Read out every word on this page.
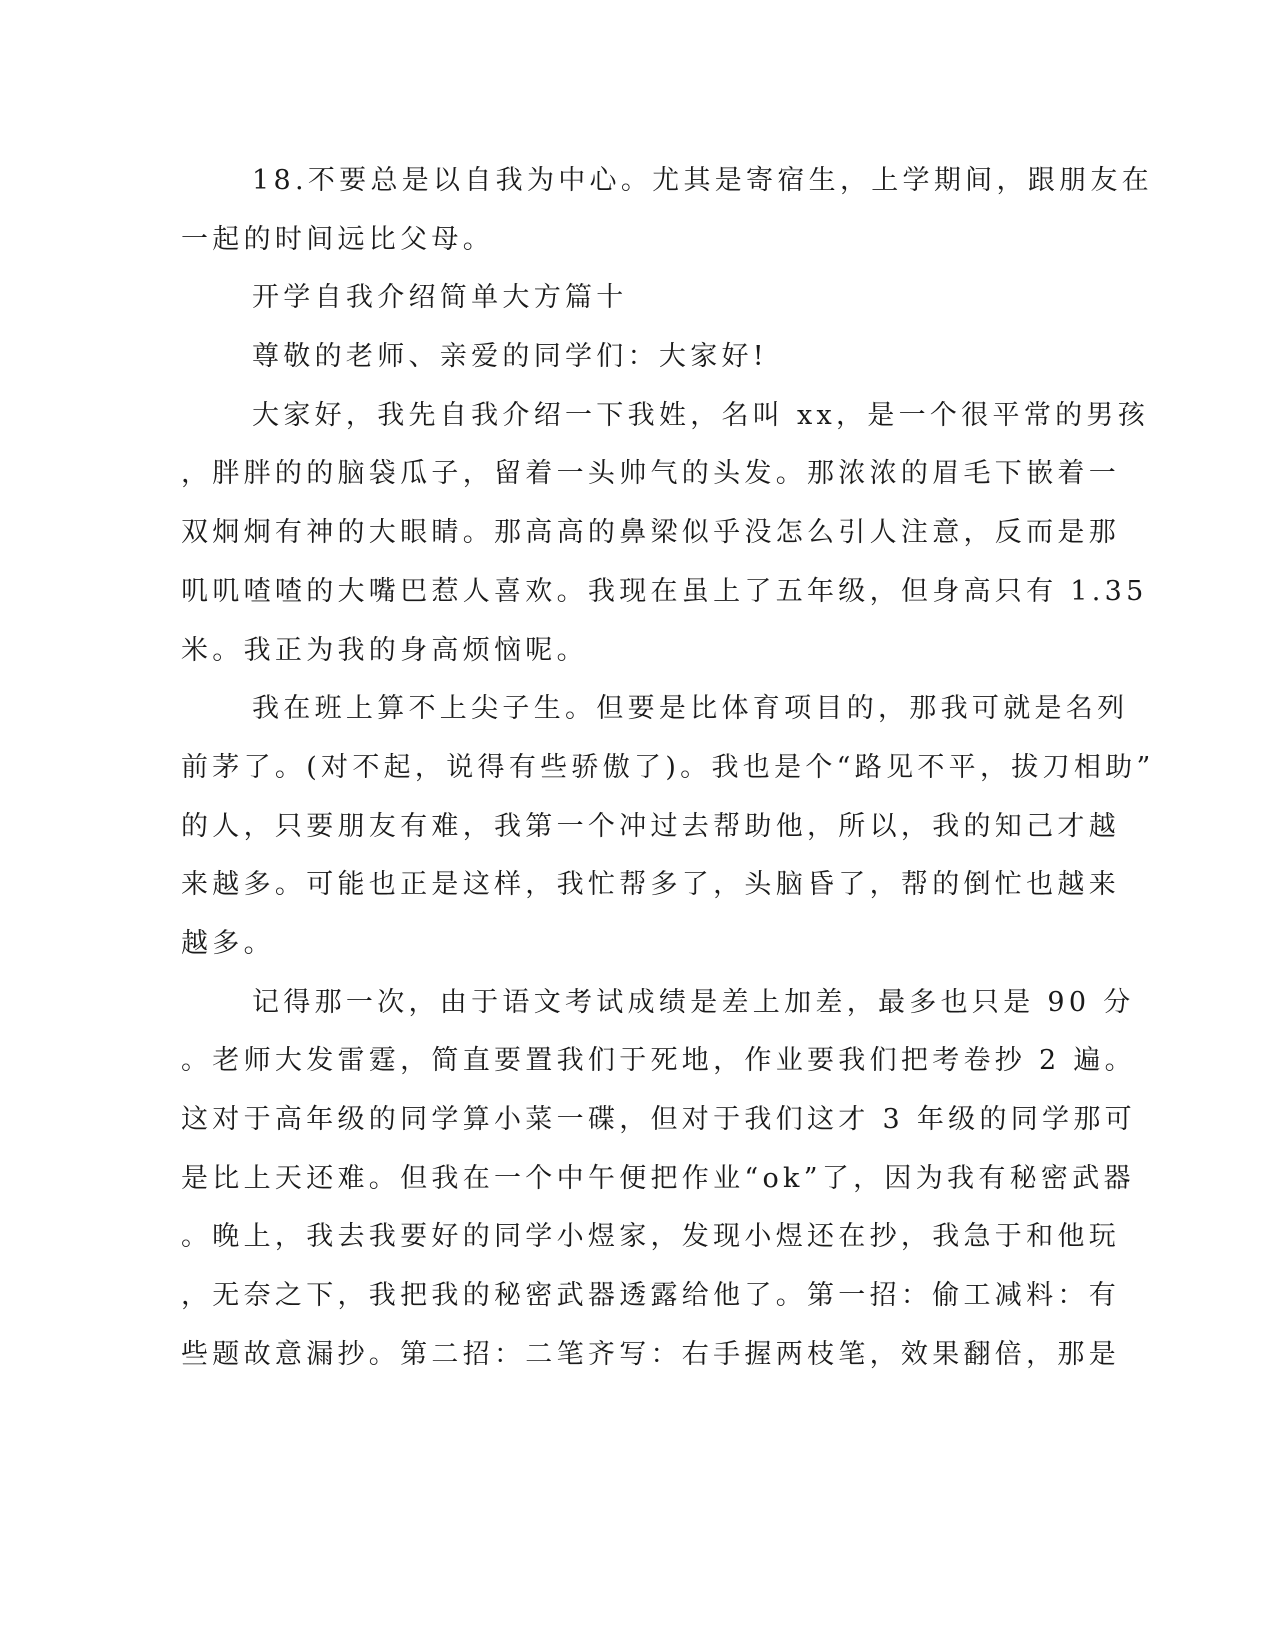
18.不要总是以自我为中心。尤其是寄宿生，上学期间，跟朋友在
一起的时间远比父母。
开学自我介绍简单大方篇十
尊敬的老师、亲爱的同学们：大家好!
大家好，我先自我介绍一下我姓，名叫 xx，是一个很平常的男孩
，胖胖的的脑袋瓜子，留着一头帅气的头发。那浓浓的眉毛下嵌着一
双炯炯有神的大眼睛。那高高的鼻梁似乎没怎么引人注意，反而是那
叽叽喳喳的大嘴巴惹人喜欢。我现在虽上了五年级，但身高只有 1.35
米。我正为我的身高烦恼呢。
我在班上算不上尖子生。但要是比体育项目的，那我可就是名列
前茅了。(对不起，说得有些骄傲了)。我也是个“路见不平，拔刀相助”
的人，只要朋友有难，我第一个冲过去帮助他，所以，我的知己才越
来越多。可能也正是这样，我忙帮多了，头脑昏了，帮的倒忙也越来
越多。
记得那一次，由于语文考试成绩是差上加差，最多也只是 90 分
。老师大发雷霆，简直要置我们于死地，作业要我们把考卷抄 2 遍。
这对于高年级的同学算小菜一碟，但对于我们这才 3 年级的同学那可
是比上天还难。但我在一个中午便把作业“ok”了，因为我有秘密武器
。晚上，我去我要好的同学小煜家，发现小煜还在抄，我急于和他玩
，无奈之下，我把我的秘密武器透露给他了。第一招：偷工减料：有
些题故意漏抄。第二招：二笔齐写：右手握两枝笔，效果翻倍，那是
